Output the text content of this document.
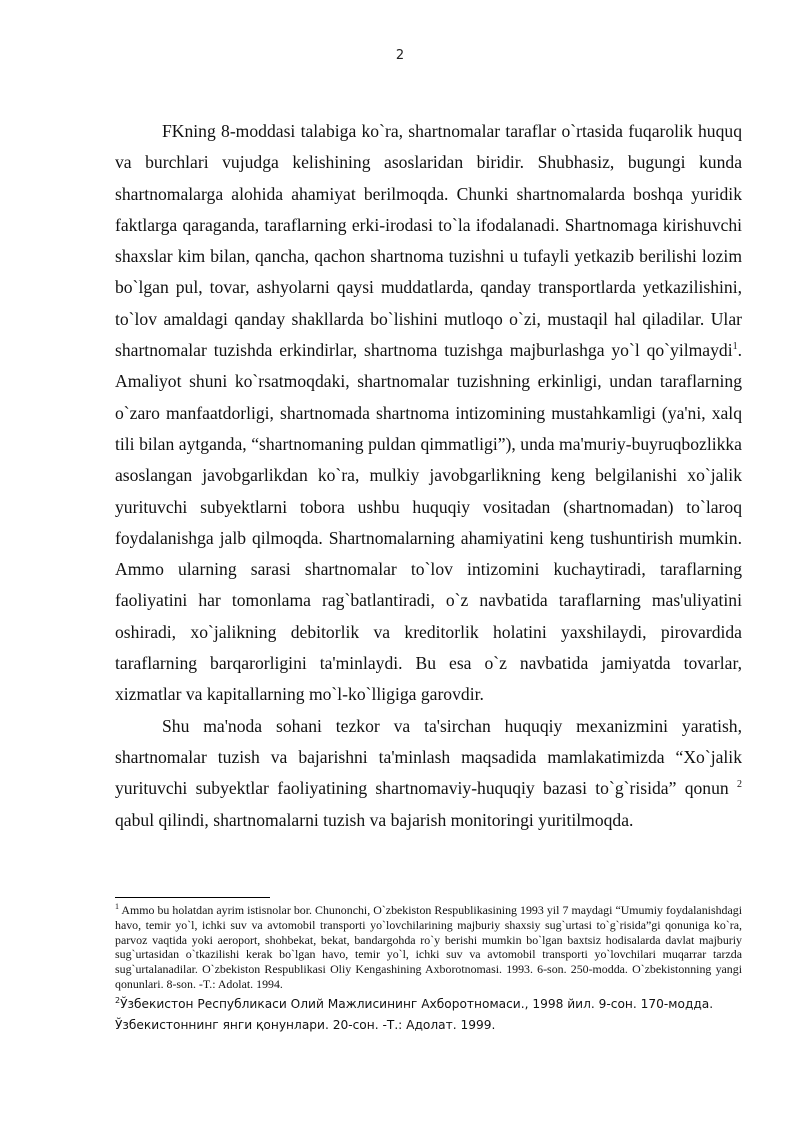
2

FKning 8-moddasi talabiga ko`ra, shartnomalar taraflar o`rtasida fuqarolik huquq va burchlari vujudga kelishining asoslaridan biridir. Shubhasiz, bugungi kunda shartnomalarga alohida ahamiyat berilmoqda. Chunki shartnomalarda boshqa yuridik faktlarga qaraganda, taraflarning erki-irodasi to`la ifodalanadi. Shartnomaga kirishuvchi shaxslar kim bilan, qancha, qachon shartnoma tuzishni u tufayli yetkazib berilishi lozim bo`lgan pul, tovar, ashyolarni qaysi muddatlarda, qanday transportlarda yetkazilishini, to`lov amaldagi qanday shakllarda bo`lishini mutloqo o`zi, mustaqil hal qiladilar. Ular shartnomalar tuzishda erkindirlar, shartnoma tuzishga majburlashga yo`l qo`yilmaydi$^1$. Amaliyot shuni ko`rsatmoqdaki, shartnomalar tuzishning erkinligi, undan taraflarning o`zaro manfaatdorligi, shartnomada shartnoma intizomining mustahkamligi (ya'ni, xalq tili bilan aytganda, “shartnomaning puldan qimmatligi”), unda ma'muriy-buyruqbozlikka asoslangan javobgarlikdan ko`ra, mulkiy javobgarlikning keng belgilanishi xo`jalik yurituvchi subyektlarni tobora ushbu huquqiy vositadan (shartnomadan) to`laroq foydalanishga jalb qilmoqda. Shartnomalarning ahamiyatini keng tushuntirish mumkin. Ammo ularning sarasi shartnomalar to`lov intizomini kuchaytiradi, taraflarning faoliyatini har tomonlama rag`batlantiradi, o`z navbatida taraflarning mas'uliyatini oshiradi, xo`jalikning debitorlik va kreditorlik holatini yaxshilaydi, pirovardida taraflarning barqarorligini ta'minlaydi. Bu esa o`z navbatida jamiyatda tovarlar, xizmatlar va kapitallarning mo`l-ko`lligiga garovdir.

Shu ma'noda sohani tezkor va ta'sirchan huquqiy mexanizmini yaratish, shartnomalar tuzish va bajarishni ta'minlash maqsadida mamlakatimizda “Xo`jalik yurituvchi subyektlar faoliyatining shartnomaviy-huquqiy bazasi to`g`risida” qonun $^2$ qabul qilindi, shartnomalarni tuzish va bajarish monitoringi yuritilmoqda.

$^1$ Ammo bu holatdan ayrim istisnolar bor. Chunonchi, O`zbekiston Respublikasining 1993 yil 7 maydagi “Umumiy foydalanishdagi havo, temir yo`l, ichki suv va avtomobil transporti yo`lovchilarining majburiy shaxsiy sug`urtasi to`g`risida”gi qonuniga ko`ra, parvoz vaqtida yoki aeroport, shohbekat, bekat, bandargohda ro`y berishi mumkin bo`lgan baxtsiz hodisalarda davlat majburiy sug`urtasidan o`tkazilishi kerak bo`lgan havo, temir yo`l, ichki suv va avtomobil transporti yo`lovchilari muqarrar tarzda sug`urtalanadilar. O`zbekiston Respublikasi Oliy Kengashining Axborotnomasi. 1993. 6-son. 250-modda. O`zbekistonning yangi qonunlari. 8-son. -T.: Adolat. 1994.

$^2$Ўзбекистон Республикаси Олий Мажлисининг Ахборотномаси., 1998 йил. 9-сон. 170-модда. Ўзбекистоннинг янги қонунлари. 20-сон. -Т.: Адолат. 1999.
